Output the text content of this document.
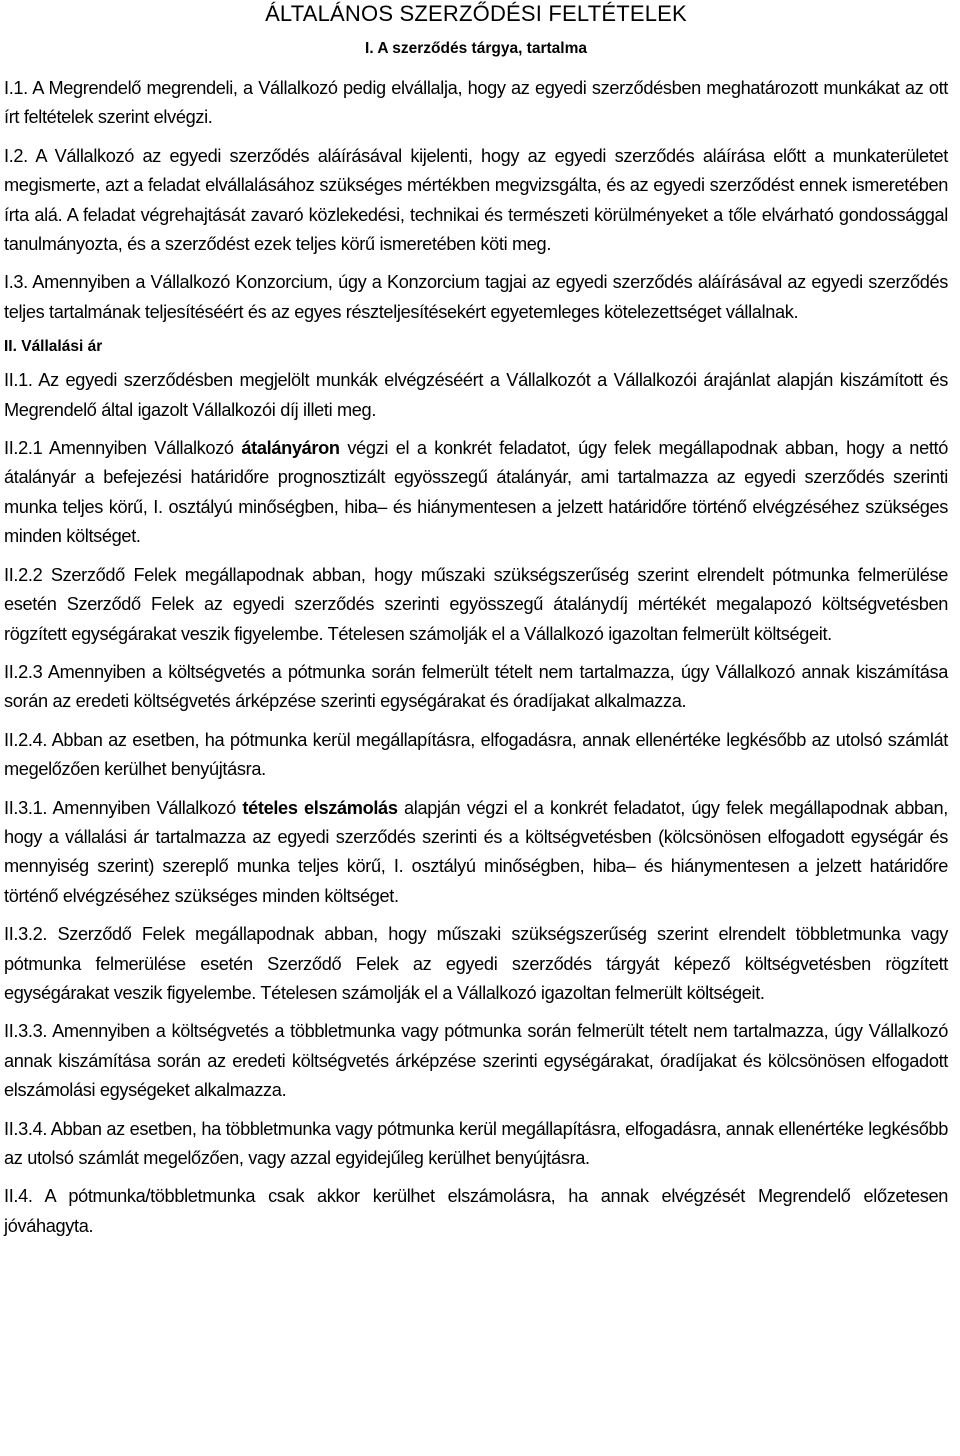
ÁLTALÁNOS SZERZŐDÉSI FELTÉTELEK
I. A szerződés tárgya, tartalma

I.1. A Megrendelő megrendeli, a Vállalkozó pedig elvállalja, hogy az egyedi szerződésben meghatározott munkákat az ott írt feltételek szerint elvégzi.

I.2. A Vállalkozó az egyedi szerződés aláírásával kijelenti, hogy az egyedi szerződés aláírása előtt a munkaterületet megismerte, azt a feladat elvállalásához szükséges mértékben megvizsgálta, és az egyedi szerződést ennek ismeretében írta alá. A feladat végrehajtását zavaró közlekedési, technikai és természeti körülményeket a tőle elvárható gondossággal tanulmányozta, és a szerződést ezek teljes körű ismeretében köti meg.

I.3. Amennyiben a Vállalkozó Konzorcium, úgy a Konzorcium tagjai az egyedi szerződés aláírásával az egyedi szerződés teljes tartalmának teljesítéséért és az egyes részteljesítésekért egyetemleges kötelezettséget vállalnak.

II. Vállalási ár

II.1. Az egyedi szerződésben megjelölt munkák elvégzéséért a Vállalkozót a Vállalkozói árajánlat alapján kiszámított és Megrendelő által igazolt Vállalkozói díj illeti meg.

II.2.1 Amennyiben Vállalkozó átalányáron végzi el a konkrét feladatot, úgy felek megállapodnak abban, hogy a nettó átalányár a befejezési határidőre prognosztizált egyösszegű átalányár, ami tartalmazza az egyedi szerződés szerinti munka teljes körű, I. osztályú minőségben, hiba– és hiánymentesen a jelzett határidőre történő elvégzéséhez szükséges minden költséget.

II.2.2 Szerződő Felek megállapodnak abban, hogy műszaki szükségszerűség szerint elrendelt pótmunka felmerülése esetén Szerződő Felek az egyedi szerződés szerinti egyösszegű átalánydíj mértékét megalapozó költségvetésben rögzített egységárakat veszik figyelembe. Tételesen számolják el a Vállalkozó igazoltan felmerült költségeit.

II.2.3 Amennyiben a költségvetés a pótmunka során felmerült tételt nem tartalmazza, úgy Vállalkozó annak kiszámítása során az eredeti költségvetés árképzése szerinti egységárakat és óradíjakat alkalmazza.

II.2.4. Abban az esetben, ha pótmunka kerül megállapításra, elfogadásra, annak ellenértéke legkésőbb az utolsó számlát megelőzően kerülhet benyújtásra.

II.3.1. Amennyiben Vállalkozó tételes elszámolás alapján végzi el a konkrét feladatot, úgy felek megállapodnak abban, hogy a vállalási ár tartalmazza az egyedi szerződés szerinti és a költségvetésben (kölcsönösen elfogadott egységár és mennyiség szerint) szereplő munka teljes körű, I. osztályú minőségben, hiba– és hiánymentesen a jelzett határidőre történő elvégzéséhez szükséges minden költséget.

II.3.2. Szerződő Felek megállapodnak abban, hogy műszaki szükségszerűség szerint elrendelt többletmunka vagy pótmunka felmerülése esetén Szerződő Felek az egyedi szerződés tárgyát képező költségvetésben rögzített egységárakat veszik figyelembe. Tételesen számolják el a Vállalkozó igazoltan felmerült költségeit.

II.3.3. Amennyiben a költségvetés a többletmunka vagy pótmunka során felmerült tételt nem tartalmazza, úgy Vállalkozó annak kiszámítása során az eredeti költségvetés árképzése szerinti egységárakat, óradíjakat és kölcsönösen elfogadott elszámolási egységeket alkalmazza.

II.3.4. Abban az esetben, ha többletmunka vagy pótmunka kerül megállapításra, elfogadásra, annak ellenértéke legkésőbb az utolsó számlát megelőzően, vagy azzal egyidejűleg kerülhet benyújtásra.

II.4. A pótmunka/többletmunka csak akkor kerülhet elszámolásra, ha annak elvégzését Megrendelő előzetesen jóváhagyta.
